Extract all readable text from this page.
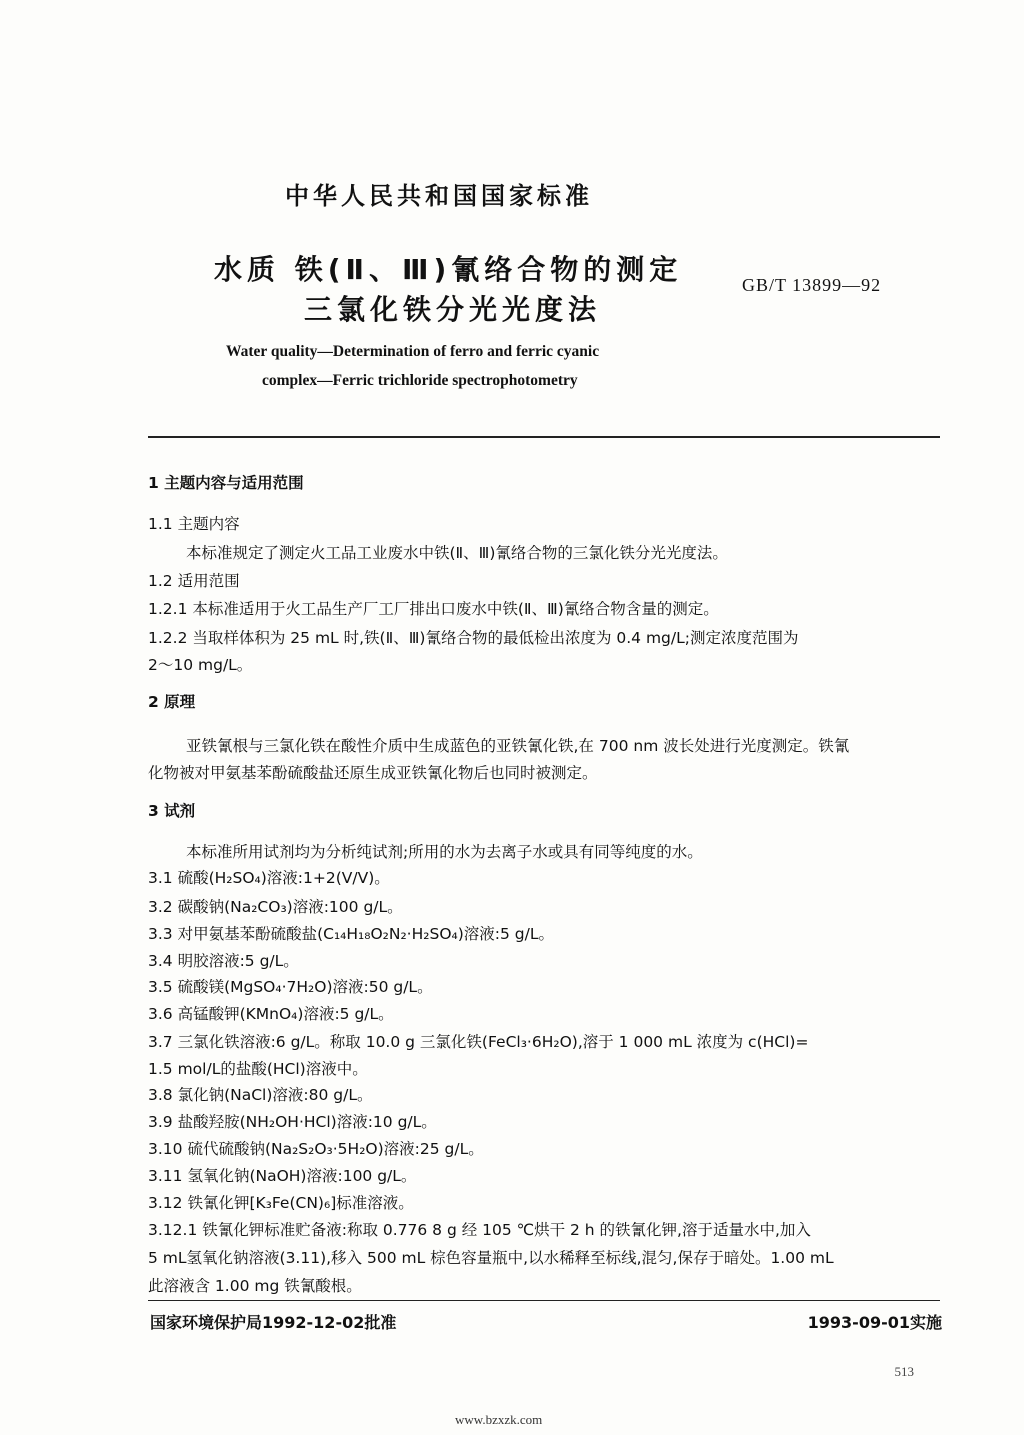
中华人民共和国国家标准
水质 铁(Ⅱ、Ⅲ)氰络合物的测定
三氯化铁分光光度法
GB/T 13899—92
Water quality—Determination of ferro and ferric cyanic
complex—Ferric trichloride spectrophotometry
1 主题内容与适用范围
1.1 主题内容
本标准规定了测定火工品工业废水中铁(Ⅱ、Ⅲ)氰络合物的三氯化铁分光光度法。
1.2 适用范围
1.2.1 本标准适用于火工品生产厂工厂排出口废水中铁(Ⅱ、Ⅲ)氰络合物含量的测定。
1.2.2 当取样体积为 25 mL 时,铁(Ⅱ、Ⅲ)氰络合物的最低检出浓度为 0.4 mg/L;测定浓度范围为
2～10 mg/L。
2 原理
亚铁氰根与三氯化铁在酸性介质中生成蓝色的亚铁氰化铁,在 700 nm 波长处进行光度测定。铁氰
化物被对甲氨基苯酚硫酸盐还原生成亚铁氰化物后也同时被测定。
3 试剂
本标准所用试剂均为分析纯试剂;所用的水为去离子水或具有同等纯度的水。
3.1 硫酸(H₂SO₄)溶液:1+2(V/V)。
3.2 碳酸钠(Na₂CO₃)溶液:100 g/L。
3.3 对甲氨基苯酚硫酸盐(C₁₄H₁₈O₂N₂·H₂SO₄)溶液:5 g/L。
3.4 明胶溶液:5 g/L。
3.5 硫酸镁(MgSO₄·7H₂O)溶液:50 g/L。
3.6 高锰酸钾(KMnO₄)溶液:5 g/L。
3.7 三氯化铁溶液:6 g/L。称取 10.0 g 三氯化铁(FeCl₃·6H₂O),溶于 1 000 mL 浓度为 c(HCl)=
1.5 mol/L的盐酸(HCl)溶液中。
3.8 氯化钠(NaCl)溶液:80 g/L。
3.9 盐酸羟胺(NH₂OH·HCl)溶液:10 g/L。
3.10 硫代硫酸钠(Na₂S₂O₃·5H₂O)溶液:25 g/L。
3.11 氢氧化钠(NaOH)溶液:100 g/L。
3.12 铁氰化钾[K₃Fe(CN)₆]标准溶液。
3.12.1 铁氰化钾标准贮备液:称取 0.776 8 g 经 105 ℃烘干 2 h 的铁氰化钾,溶于适量水中,加入
5 mL氢氧化钠溶液(3.11),移入 500 mL 棕色容量瓶中,以水稀释至标线,混匀,保存于暗处。1.00 mL
此溶液含 1.00 mg 铁氰酸根。
国家环境保护局1992-12-02批准	1993-09-01实施
513
www.bzxzk.com
